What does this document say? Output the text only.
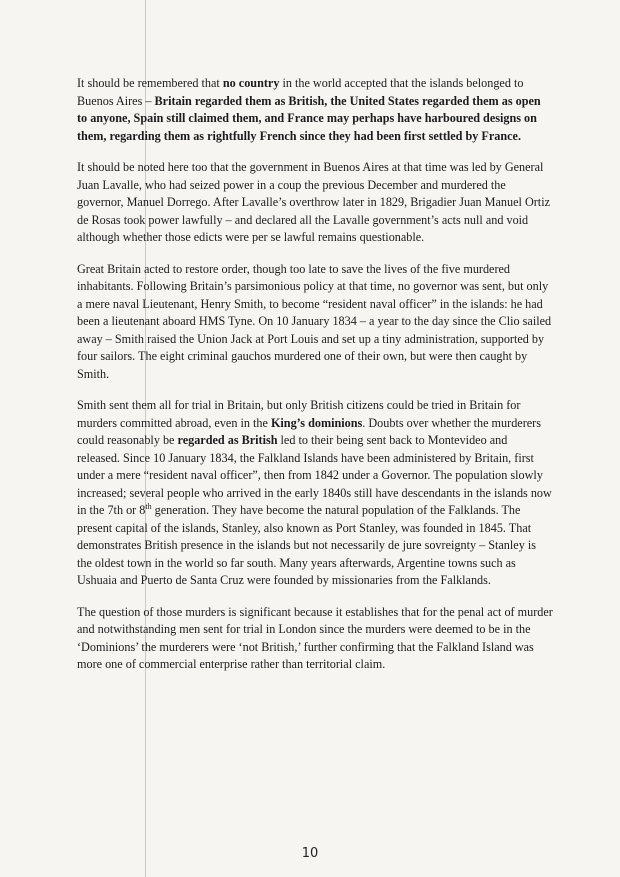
It should be remembered that no country in the world accepted that the islands belonged to Buenos Aires – Britain regarded them as British, the United States regarded them as open to anyone, Spain still claimed them, and France may perhaps have harboured designs on them, regarding them as rightfully French since they had been first settled by France.

It should be noted here too that the government in Buenos Aires at that time was led by General Juan Lavalle, who had seized power in a coup the previous December and murdered the governor, Manuel Dorrego. After Lavalle’s overthrow later in 1829, Brigadier Juan Manuel Ortiz de Rosas took power lawfully – and declared all the Lavalle government’s acts null and void although whether those edicts were per se lawful remains questionable.

Great Britain acted to restore order, though too late to save the lives of the five murdered inhabitants. Following Britain’s parsimonious policy at that time, no governor was sent, but only a mere naval Lieutenant, Henry Smith, to become “resident naval officer” in the islands: he had been a lieutenant aboard HMS Tyne. On 10 January 1834 – a year to the day since the Clio sailed away – Smith raised the Union Jack at Port Louis and set up a tiny administration, supported by four sailors. The eight criminal gauchos murdered one of their own, but were then caught by Smith.

Smith sent them all for trial in Britain, but only British citizens could be tried in Britain for murders committed abroad, even in the King’s dominions. Doubts over whether the murderers could reasonably be regarded as British led to their being sent back to Montevideo and released. Since 10 January 1834, the Falkland Islands have been administered by Britain, first under a mere “resident naval officer”, then from 1842 under a Governor. The population slowly increased; several people who arrived in the early 1840s still have descendants in the islands now in the 7th or 8th generation. They have become the natural population of the Falklands. The present capital of the islands, Stanley, also known as Port Stanley, was founded in 1845. That demonstrates British presence in the islands but not necessarily de jure sovreignty – Stanley is the oldest town in the world so far south. Many years afterwards, Argentine towns such as Ushuaia and Puerto de Santa Cruz were founded by missionaries from the Falklands.

The question of those murders is significant because it establishes that for the penal act of murder and notwithstanding men sent for trial in London since the murders were deemed to be in the ‘Dominions’ the murderers were ‘not British,’ further confirming that the Falkland Island was more one of commercial enterprise rather than territorial claim.

10
